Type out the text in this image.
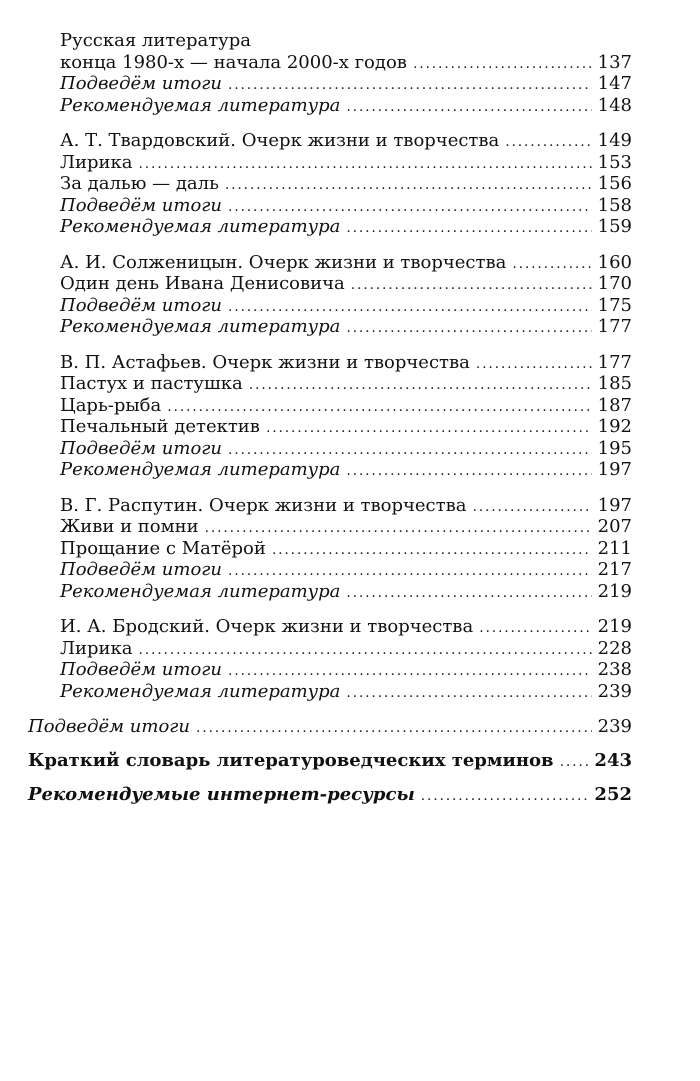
Русская литература
конца 1980-х — начала 2000-х годов .....	137
Подведём итоги .....	147
Рекомендуемая литература .....	148
А. Т. Твардовский. Очерк жизни и творчества .....	149
Лирика .....	153
За далью — даль .....	156
Подведём итоги .....	158
Рекомендуемая литература .....	159
А. И. Солженицын. Очерк жизни и творчества .....	160
Один день Ивана Денисовича .....	170
Подведём итоги .....	175
Рекомендуемая литература .....	177
В. П. Астафьев. Очерк жизни и творчества .....	177
Пастух и пастушка .....	185
Царь-рыба .....	187
Печальный детектив .....	192
Подведём итоги .....	195
Рекомендуемая литература .....	197
В. Г. Распутин. Очерк жизни и творчества .....	197
Живи и помни .....	207
Прощание с Матёрой .....	211
Подведём итоги .....	217
Рекомендуемая литература .....	219
И. А. Бродский. Очерк жизни и творчества .....	219
Лирика .....	228
Подведём итоги .....	238
Рекомендуемая литература .....	239
Подведём итоги .....	239
Краткий словарь литературоведческих терминов .....	243
Рекомендуемые интернет-ресурсы .....	252
